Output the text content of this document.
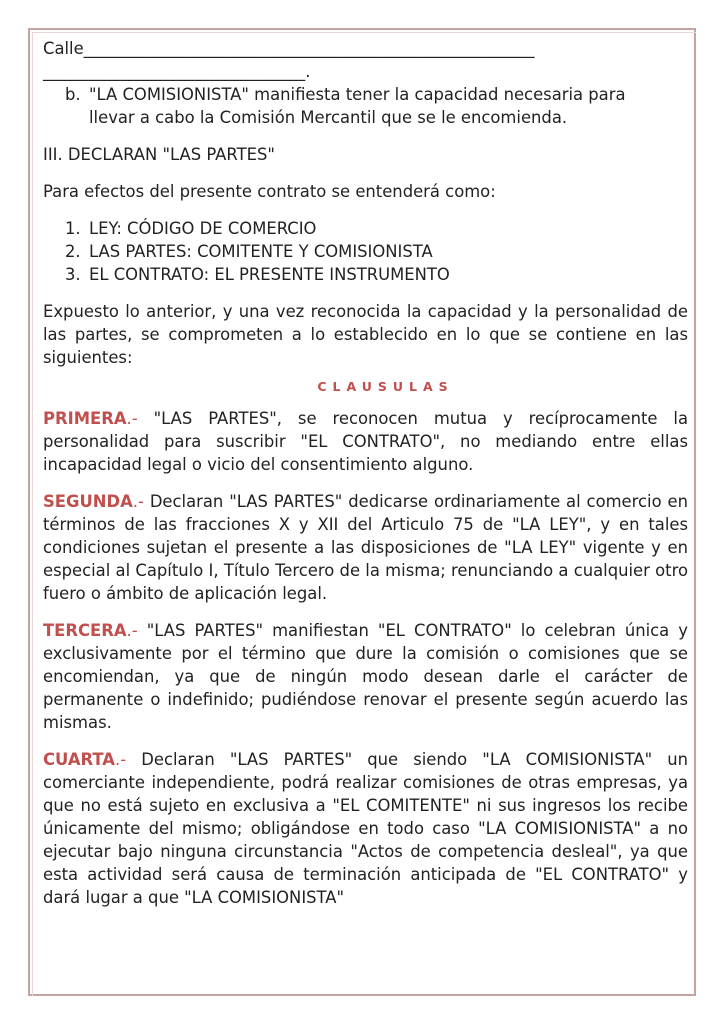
Calle_______________________________________________________

________________________________.

b. "LA COMISIONISTA" manifiesta tener la capacidad necesaria para

llevar a cabo la Comisión Mercantil que se le encomienda.

III. DECLARAN "LAS PARTES"

Para efectos del presente contrato se entenderá como:

1. LEY: CÓDIGO DE COMERCIO
2. LAS PARTES: COMITENTE Y COMISIONISTA
3. EL CONTRATO: EL PRESENTE INSTRUMENTO

Expuesto lo anterior, y una vez reconocida la capacidad y la personalidad de las partes, se comprometen a lo establecido en lo que se contiene en las siguientes:

CLAUSULAS

PRIMERA.- "LAS PARTES", se reconocen mutua y recíprocamente la personalidad para suscribir "EL CONTRATO", no mediando entre ellas incapacidad legal o vicio del consentimiento alguno.

SEGUNDA.- Declaran "LAS PARTES" dedicarse ordinariamente al comercio en términos de las fracciones X y XII del Articulo 75 de "LA LEY", y en tales condiciones sujetan el presente a las disposiciones de "LA LEY" vigente y en especial al Capítulo I, Título Tercero de la misma; renunciando a cualquier otro fuero o ámbito de aplicación legal.

TERCERA.- "LAS PARTES" manifiestan "EL CONTRATO" lo celebran única y exclusivamente por el término que dure la comisión o comisiones que se encomiendan, ya que de ningún modo desean darle el carácter de permanente o indefinido; pudiéndose renovar el presente según acuerdo las mismas.

CUARTA.- Declaran "LAS PARTES" que siendo "LA COMISIONISTA" un comerciante independiente, podrá realizar comisiones de otras empresas, ya que no está sujeto en exclusiva a "EL COMITENTE" ni sus ingresos los recibe únicamente del mismo; obligándose en todo caso "LA COMISIONISTA" a no ejecutar bajo ninguna circunstancia "Actos de competencia desleal", ya que esta actividad será causa de terminación anticipada de "EL CONTRATO" y dará lugar a que "LA COMISIONISTA"
